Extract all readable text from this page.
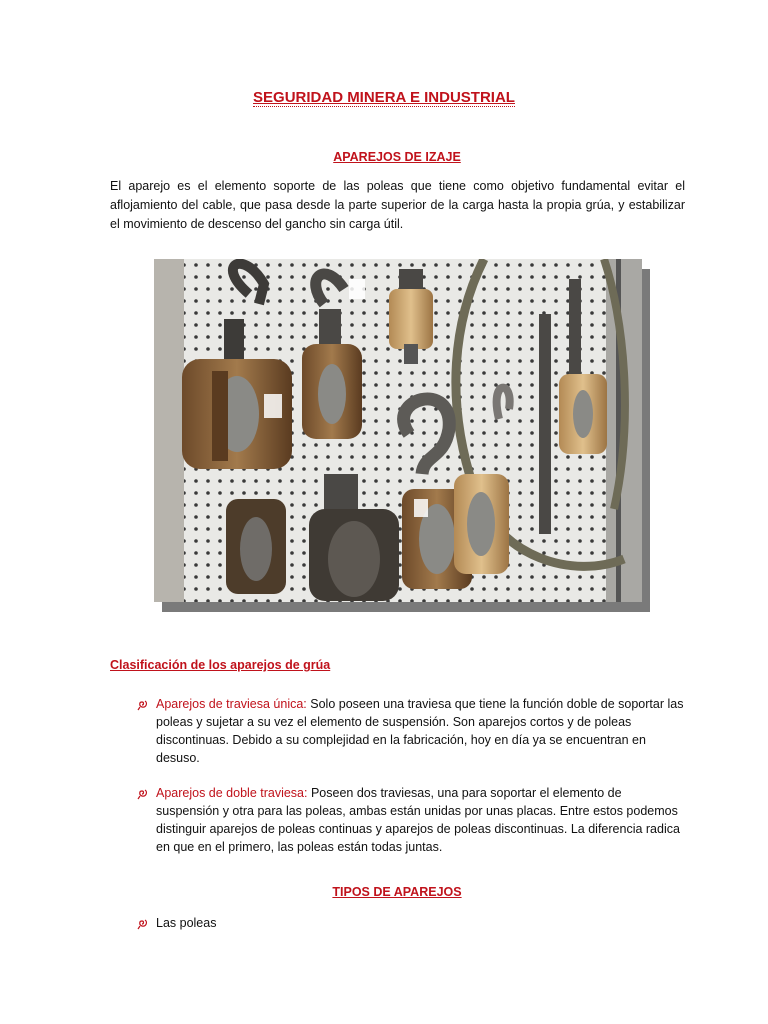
SEGURIDAD MINERA E INDUSTRIAL
APAREJOS DE IZAJE
El aparejo es el elemento soporte de las poleas que tiene como objetivo fundamental evitar el aflojamiento del cable, que pasa desde la parte superior de la carga hasta la propia grúa, y estabilizar el movimiento de descenso del gancho sin carga útil.
Clasificación de los aparejos de grúa
Aparejos de traviesa única: Solo poseen una traviesa que tiene la función doble de soportar las poleas y sujetar a su vez el elemento de suspensión. Son aparejos cortos y de poleas discontinuas. Debido a su complejidad en la fabricación, hoy en día ya se encuentran en desuso.
Aparejos de doble traviesa: Poseen dos traviesas, una para soportar el elemento de suspensión y otra para las poleas, ambas están unidas por unas placas. Entre estos podemos distinguir aparejos de poleas continuas y aparejos de poleas discontinuas. La diferencia radica en que en el primero, las poleas están todas juntas.
TIPOS DE APAREJOS
Las poleas
